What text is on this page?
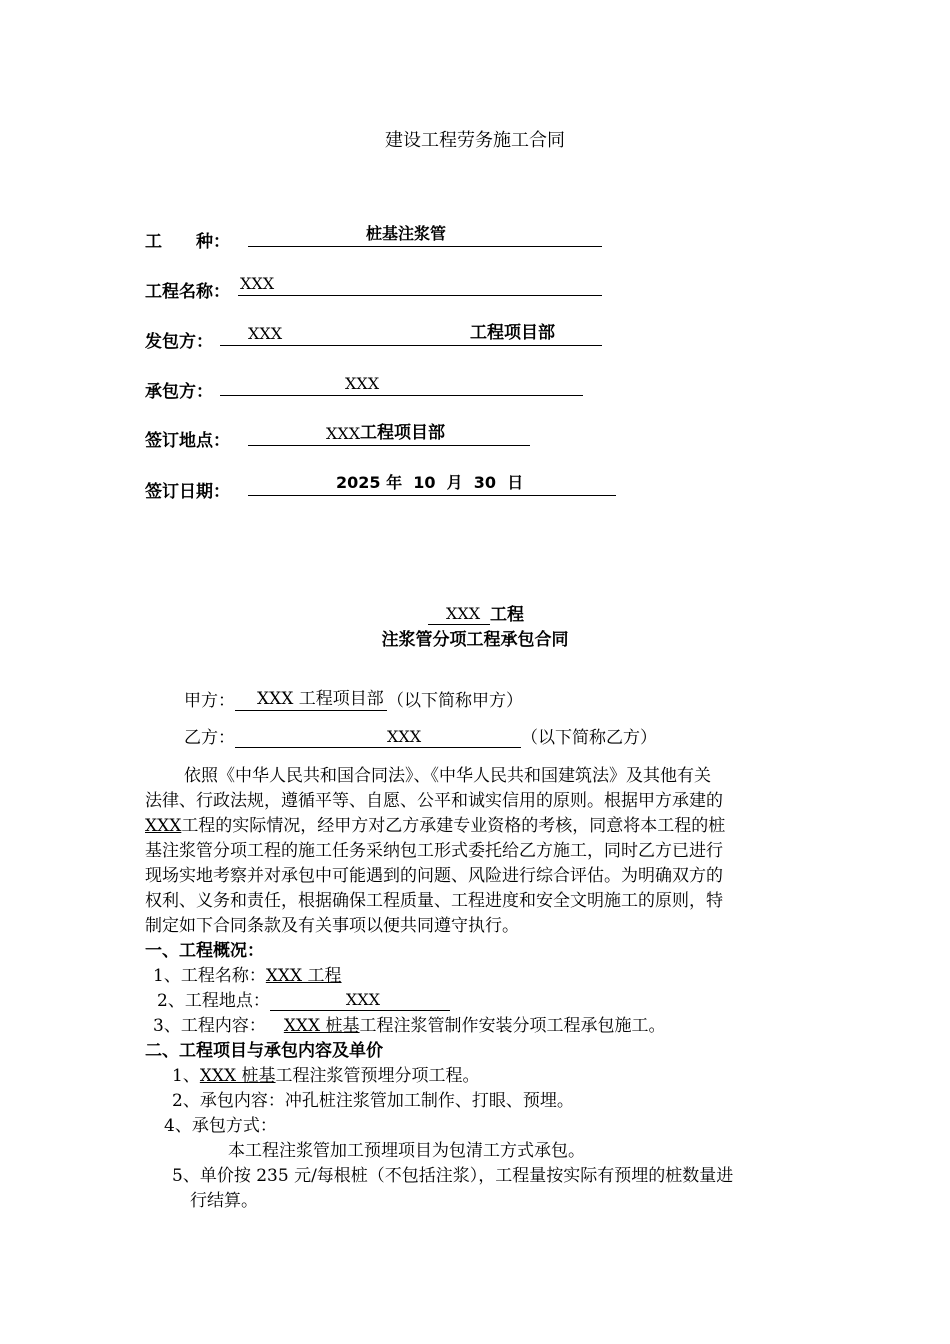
建设工程劳务施工合同
工　　种：	桩基注浆管
工程名称： XXX
发包方： XXX	工程项目部
承包方：	XXX
签订地点：	XXX 工程项目部
签订日期：	2025 年  10  月  30  日
XXX 工程
注浆管分项工程承包合同
甲方： XXX 工程项目部 （以下简称甲方）
乙方：	XXX	（以下简称乙方）
依照《中华人民共和国合同法》、《中华人民共和国建筑法》及其他有关
法律、行政法规，遵循平等、自愿、公平和诚实信用的原则。根据甲方承建的
XXX工程的实际情况，经甲方对乙方承建专业资格的考核，同意将本工程的桩
基注浆管分项工程的施工任务采纳包工形式委托给乙方施工，同时乙方已进行
现场实地考察并对承包中可能遇到的问题、风险进行综合评估。为明确双方的
权利、义务和责任，根据确保工程质量、工程进度和安全文明施工的原则，特
制定如下合同条款及有关事项以便共同遵守执行。
一、工程概况：
1、工程名称：XXX 工程
2、工程地点：	XXX
3、工程内容： XXX 桩基工程注浆管制作安装分项工程承包施工。
二、工程项目与承包内容及单价
1、XXX 桩基工程注浆管预埋分项工程。
2、承包内容：冲孔桩注浆管加工制作、打眼、预埋。
4、承包方式：
本工程注浆管加工预埋项目为包清工方式承包。
5、单价按 235 元/每根桩（不包括注浆），工程量按实际有预埋的桩数量进
行结算。
